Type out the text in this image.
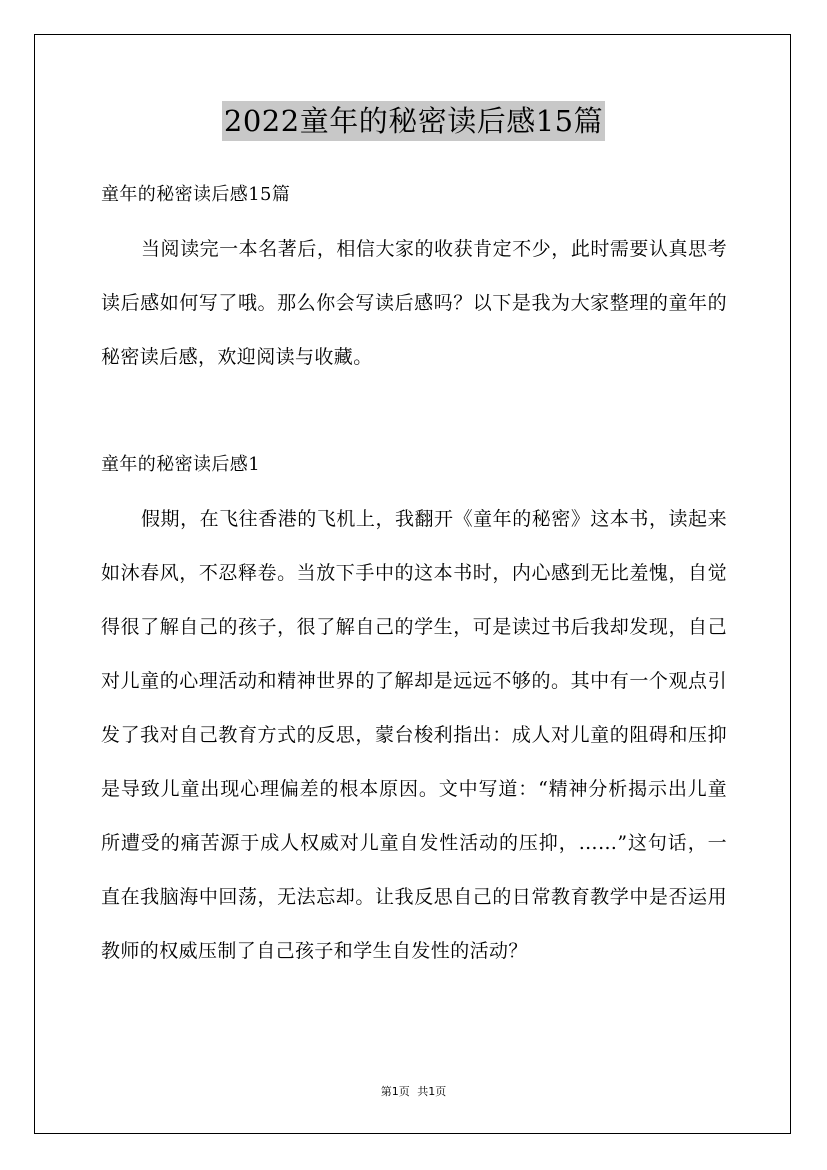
2022童年的秘密读后感15篇

童年的秘密读后感15篇

当阅读完一本名著后，相信大家的收获肯定不少，此时需要认真思考读后感如何写了哦。那么你会写读后感吗？以下是我为大家整理的童年的秘密读后感，欢迎阅读与收藏。

童年的秘密读后感1

假期，在飞往香港的飞机上，我翻开《童年的秘密》这本书，读起来如沐春风，不忍释卷。当放下手中的这本书时，内心感到无比羞愧，自觉得很了解自己的孩子，很了解自己的学生，可是读过书后我却发现，自己对儿童的心理活动和精神世界的了解却是远远不够的。其中有一个观点引发了我对自己教育方式的反思，蒙台梭利指出：成人对儿童的阻碍和压抑是导致儿童出现心理偏差的根本原因。文中写道：“精神分析揭示出儿童所遭受的痛苦源于成人权威对儿童自发性活动的压抑，……”这句话，一直在我脑海中回荡，无法忘却。让我反思自己的日常教育教学中是否运用教师的权威压制了自己孩子和学生自发性的活动？

第1页 共1页
